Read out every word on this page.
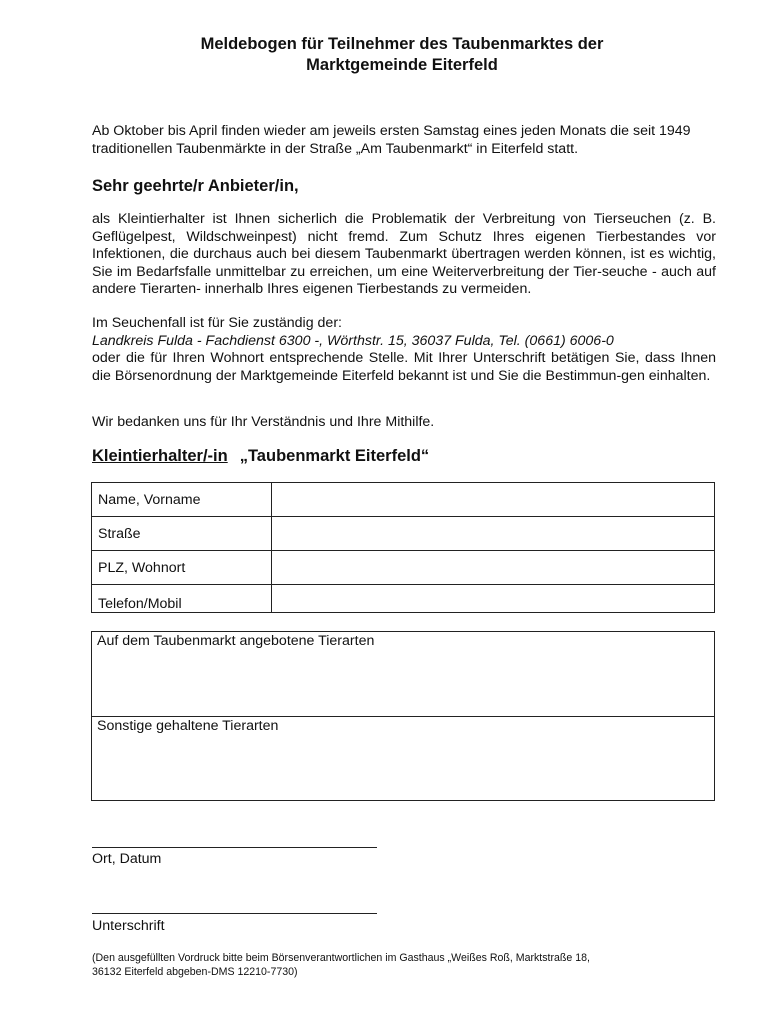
Meldebogen für Teilnehmer des Taubenmarktes der
Marktgemeinde Eiterfeld
Ab Oktober bis April finden wieder am jeweils ersten Samstag eines jeden Monats die seit 1949 traditionellen Taubenmärkte in der Straße „Am Taubenmarkt“ in Eiterfeld statt.
Sehr geehrte/r Anbieter/in,
als Kleintierhalter ist Ihnen sicherlich die Problematik der Verbreitung von Tierseuchen (z. B. Geflügelpest, Wildschweinpest) nicht fremd. Zum Schutz Ihres eigenen Tierbestandes vor Infektionen, die durchaus auch bei diesem Taubenmarkt übertragen werden können, ist es wichtig, Sie im Bedarfsfalle unmittelbar zu erreichen, um eine Weiterverbreitung der Tier-seuche - auch auf andere Tierarten- innerhalb Ihres eigenen Tierbestands zu vermeiden.
Im Seuchenfall ist für Sie zuständig der:
Landkreis Fulda - Fachdienst 6300 -, Wörthstr. 15, 36037 Fulda, Tel. (0661) 6006-0
oder die für Ihren Wohnort entsprechende Stelle. Mit Ihrer Unterschrift betätigen Sie, dass Ihnen die Börsenordnung der Marktgemeinde Eiterfeld bekannt ist und Sie die Bestimmun-gen einhalten.
Wir bedanken uns für Ihr Verständnis und Ihre Mithilfe.
Kleintierhalter/-in „Taubenmarkt Eiterfeld“
Name, Vorname	
Straße	
PLZ, Wohnort	
Telefon/Mobil	
Auf dem Taubenmarkt angebotene Tierarten
Sonstige gehaltene Tierarten
Ort, Datum
Unterschrift
(Den ausgefüllten Vordruck bitte beim Börsenverantwortlichen im Gasthaus „Weißes Roß, Marktstraße 18,
36132 Eiterfeld abgeben-DMS 12210-7730)
